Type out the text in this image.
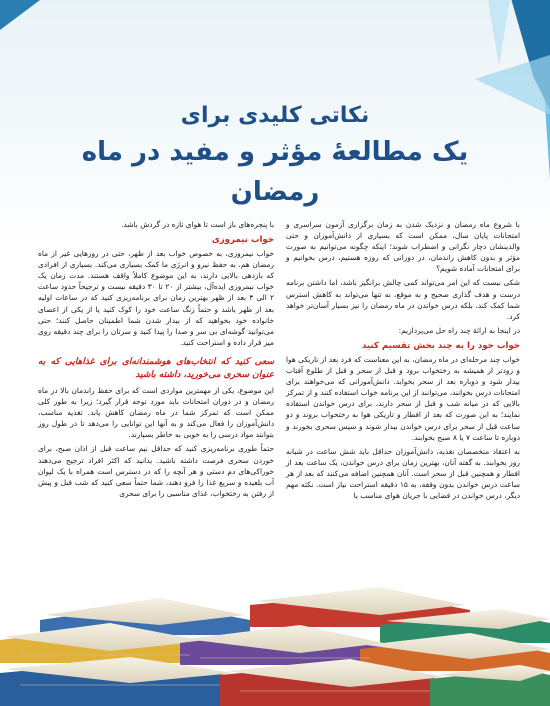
نکاتی کلیدی برای
یک مطالعۀ مؤثر و مفید در ماه رمضان

با شروع ماه رمضان و نزدیک شدن به زمان برگزاری آزمون سراسری و امتحانات پایان سال، ممکن است که بسیاری از دانش‌آموزان و حتی والدینشان دچار نگرانی و اضطراب شوند؛ اینکه چگونه می‌توانیم به صورت مؤثر و بدون کاهش راندمان، در دورانی که روزه هستیم، درس بخوانیم و برای امتحانات آماده شویم؟

شکی نیست که این امر می‌تواند کمی چالش برانگیز باشد، اما داشتن برنامه درست و هدف گذاری صحیح و به موقع، نه تنها می‌تواند به کاهش استرس شما کمک کند، بلکه درس خواندن در ماه رمضان را نیز بسیار آسان‌تر خواهد کرد.

در اینجا به ارائهٔ چند راه حل می‌پردازیم:

خواب خود را به چند بخش تقسیم کنید

خواب چند مرحله‌ای در ماه رمضان، به این معناست که فرد بعد از تاریکی هوا و زودتر از همیشه به رختخواب برود و قبل از سحر و قبل از طلوع آفتاب بیدار شود و دوباره بعد از سحر بخوابد. دانش‌آموزانی که می‌خواهند برای امتحانات درس بخوانند، می‌توانند از این برنامه خواب استفاده کنند و از تمرکز بالایی که در میانه شب و قبل از سحر دارند، برای درس خواندن استفاده نمایند؛ به این صورت که بعد از افطار و تاریکی هوا به رختخواب بروند و دو ساعت قبل از سحر برای درس خواندن بیدار شوند و سپس سحری بخورند و دوباره تا ساعت ۷ یا ۸ صبح بخوابند.

به اعتقاد متخصصان تغذیه، دانش‌آموزان حداقل باید شش ساعت در شبانه روز بخوابند. به گفته آنان، بهترین زمان برای درس خواندن، یک ساعت بعد از افطار و همچنین قبل از سحر است. آنان همچنین اضافه می‌کنند که بعد از هر ساعت درس خواندن بدون وقفه، به ۱۵ دقیقه استراحت نیاز است. نکته مهم دیگر، درس خواندن در فضایی با جریان هوای مناسب یا

با پنجره‌های باز است تا هوای تازه در گردش باشد.

خواب نیمروزی

خواب نیمروزی، به خصوص خواب بعد از ظهر، حتی در روزهایی غیر از ماه رمضان هم، به حفظ نیرو و انرژی ما کمک بسیاری می‌کند. بسیاری از افرادی که بازدهی بالایی دارند، به این موضوع کاملاً واقف هستند. مدت زمان یک خواب نیمروزی ایده‌آل، بیشتر از ۲۰ تا ۳۰ دقیقه نیست و ترجیحاً حدود ساعت ۲ الی ۳ بعد از ظهر بهترین زمان برای برنامه‌ریزی کنید که در ساعات اولیه بعد از ظهر باشد و حتماً زنگ ساعت خود را کوک کنید یا از یکی از اعضای خانواده خود بخواهید که از بیدار شدن شما اطمینان حاصل کنند؛ حتی می‌توانید گوشه‌ای بی سر و صدا را پیدا کنید و سرتان را برای چند دقیقه روی میز قرار داده و استراحت کنید.

سعی کنید که انتخاب‌های هوشمندانه‌ای برای غذاهایی که به عنوان سحری می‌خورید، داشته باشید

این موضوع، یکی از مهمترین مواردی است که برای حفظ راندمان بالا در ماه رمضان و در دوران امتحانات باید مورد توجه قرار گیرد؛ زیرا به طور کلی ممکن است که تمرکز شما در ماه رمضان کاهش یابد. تغذیه مناسب، دانش‌آموزان را فعال می‌کند و به آنها این توانایی را می‌دهد تا در طول روز بتوانند مواد درسی را به خوبی به خاطر بسپارند.

حتماً طوری برنامه‌ریزی کنید که حداقل نیم ساعت قبل از اذان صبح، برای خوردن سحری فرصت داشته باشید. بدانید که اکثر افراد ترجیح می‌دهند خوراکی‌های دم دستی و هر آنچه را که در دسترس است همراه با یک لیوان آب بلعیده و سریع غذا را فرو دهند، شما حتماً سعی کنید که شب قبل و پیش از رفتن به رختخواب، غذای مناسبی را برای سحری
